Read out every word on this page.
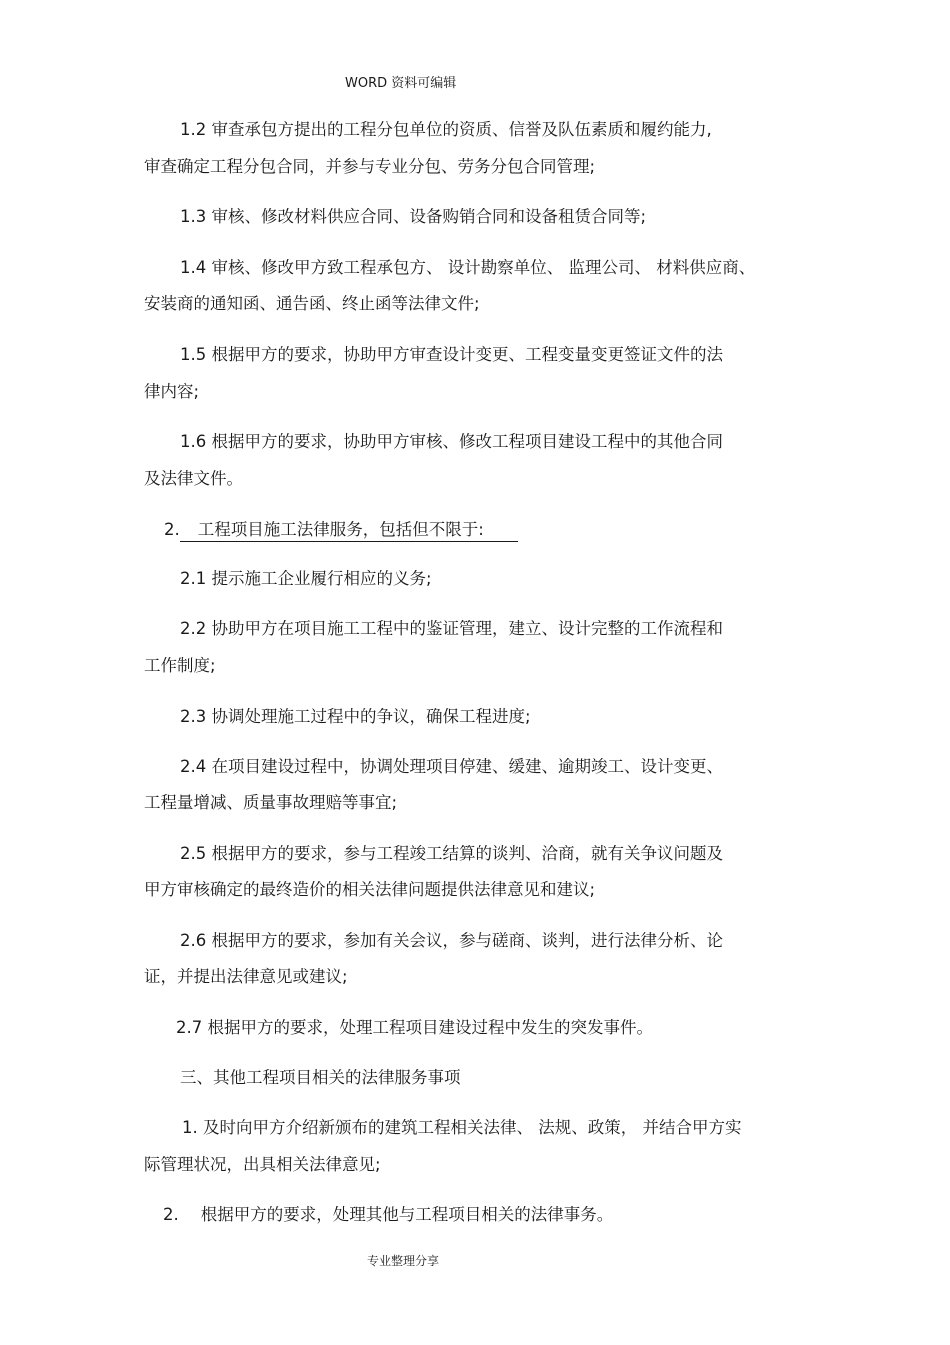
WORD 资料可编辑
1.2 审查承包方提出的工程分包单位的资质、信誉及队伍素质和履约能力,
审查确定工程分包合同，并参与专业分包、劳务分包合同管理;
1.3 审核、修改材料供应合同、设备购销合同和设备租赁合同等;
1.4 审核、修改甲方致工程承包方、 设计勘察单位、 监理公司、 材料供应商、
安装商的通知函、通告函、终止函等法律文件;
1.5 根据甲方的要求，协助甲方审查设计变更、工程变量变更签证文件的法
律内容;
1.6 根据甲方的要求，协助甲方审核、修改工程项目建设工程中的其他合同
及法律文件。
2. 工程项目施工法律服务，包括但不限于:
2.1 提示施工企业履行相应的义务;
2.2 协助甲方在项目施工工程中的鉴证管理，建立、设计完整的工作流程和
工作制度;
2.3 协调处理施工过程中的争议，确保工程进度;
2.4 在项目建设过程中，协调处理项目停建、缓建、逾期竣工、设计变更、
工程量增减、质量事故理赔等事宜;
2.5 根据甲方的要求，参与工程竣工结算的谈判、洽商，就有关争议问题及
甲方审核确定的最终造价的相关法律问题提供法律意见和建议;
2.6 根据甲方的要求，参加有关会议，参与磋商、谈判，进行法律分析、论
证，并提出法律意见或建议;
2.7 根据甲方的要求，处理工程项目建设过程中发生的突发事件。
三、其他工程项目相关的法律服务事项
1. 及时向甲方介绍新颁布的建筑工程相关法律、 法规、政策， 并结合甲方实
际管理状况，出具相关法律意见;
2. 根据甲方的要求，处理其他与工程项目相关的法律事务。
专业整理分享
